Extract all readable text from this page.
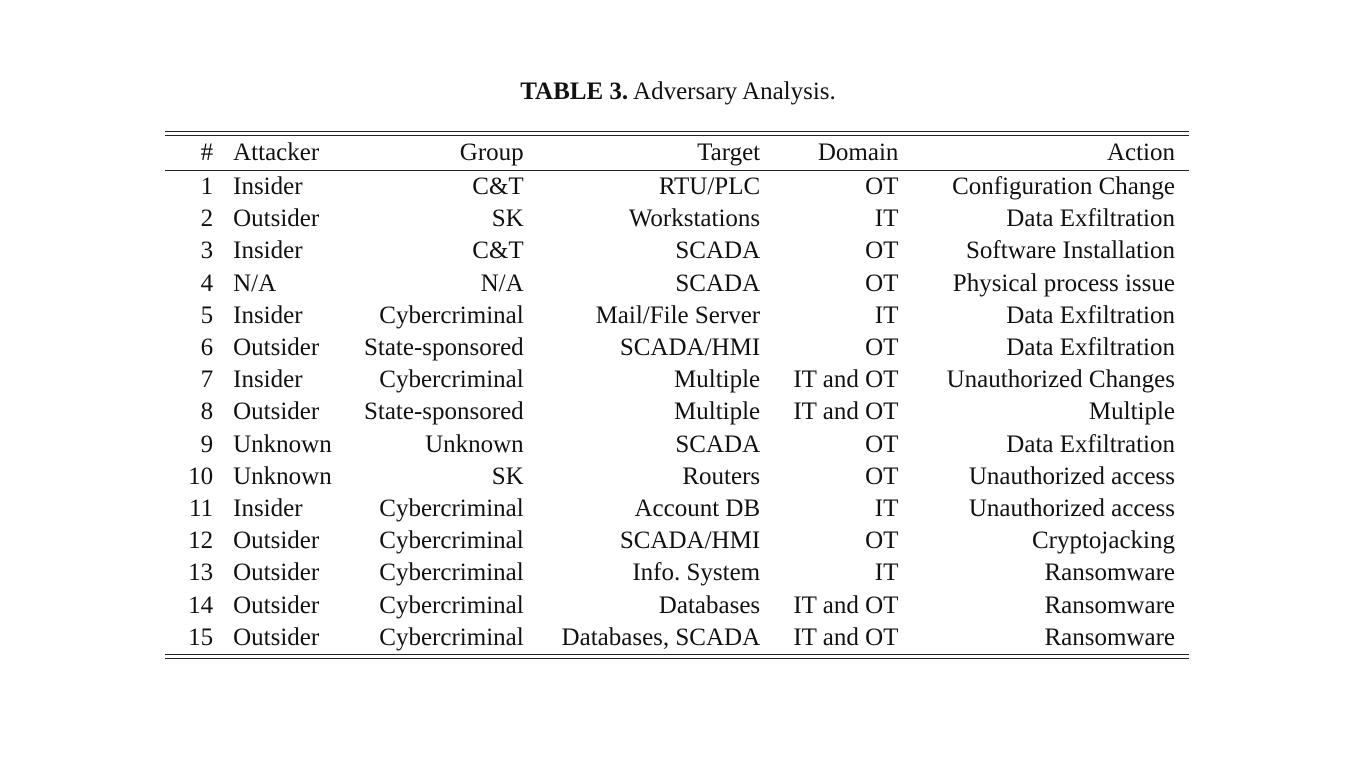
TABLE 3. Adversary Analysis.
#	Attacker	Group	Target	Domain	Action
1	Insider	C&T	RTU/PLC	OT	Configuration Change
2	Outsider	SK	Workstations	IT	Data Exfiltration
3	Insider	C&T	SCADA	OT	Software Installation
4	N/A	N/A	SCADA	OT	Physical process issue
5	Insider	Cybercriminal	Mail/File Server	IT	Data Exfiltration
6	Outsider	State-sponsored	SCADA/HMI	OT	Data Exfiltration
7	Insider	Cybercriminal	Multiple	IT and OT	Unauthorized Changes
8	Outsider	State-sponsored	Multiple	IT and OT	Multiple
9	Unknown	Unknown	SCADA	OT	Data Exfiltration
10	Unknown	SK	Routers	OT	Unauthorized access
11	Insider	Cybercriminal	Account DB	IT	Unauthorized access
12	Outsider	Cybercriminal	SCADA/HMI	OT	Cryptojacking
13	Outsider	Cybercriminal	Info. System	IT	Ransomware
14	Outsider	Cybercriminal	Databases	IT and OT	Ransomware
15	Outsider	Cybercriminal	Databases, SCADA	IT and OT	Ransomware
